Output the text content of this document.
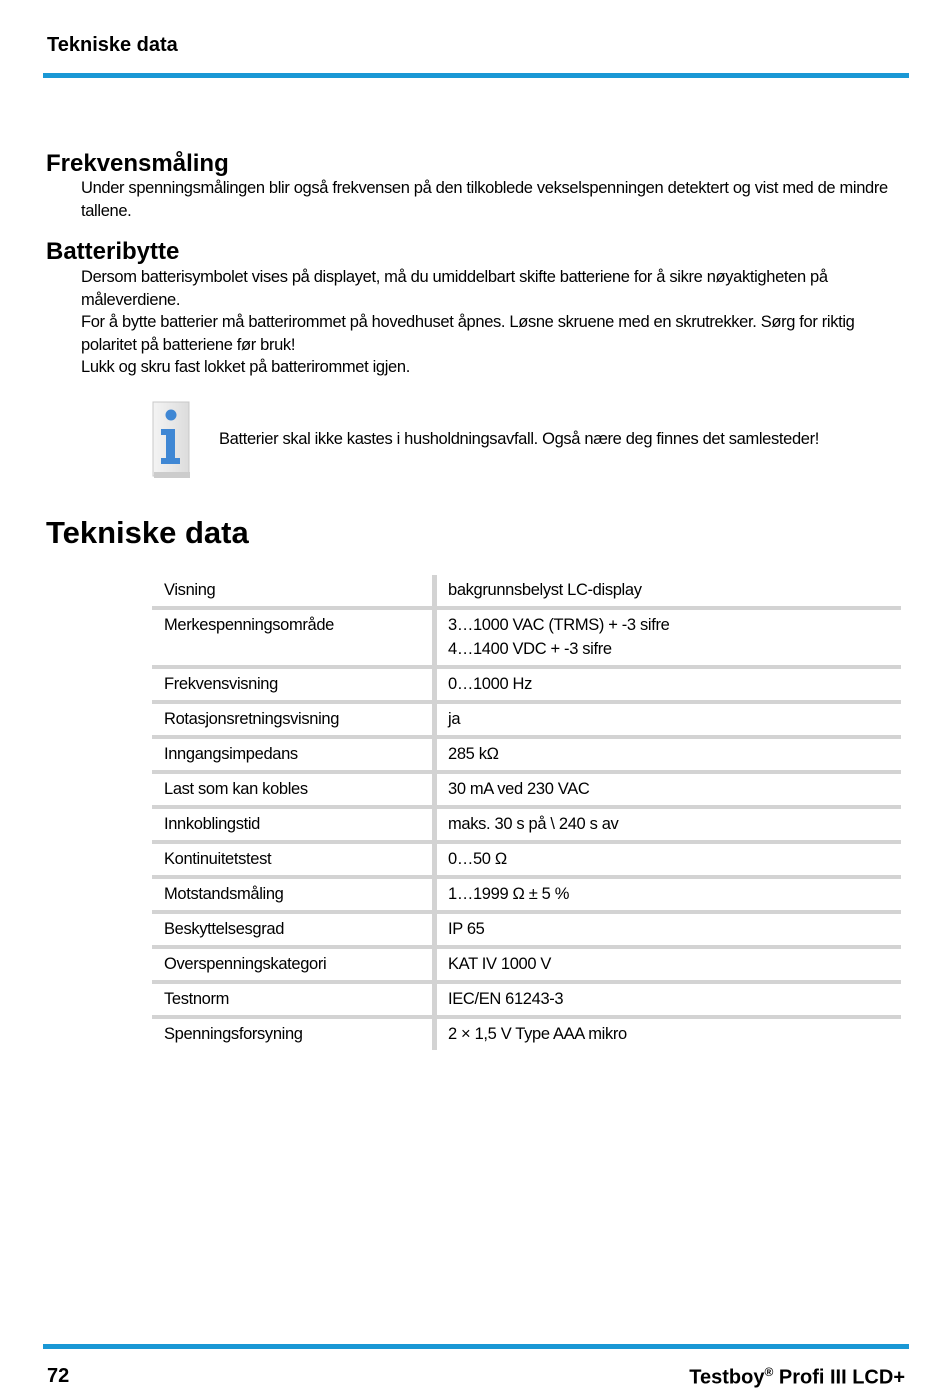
Tekniske data
Frekvensmåling

Under spenningsmålingen blir også frekvensen på den tilkoblede vekselspenningen detektert og vist med de mindre tallene.

Batteribytte

Dersom batterisymbolet vises på displayet, må du umiddelbart skifte batteriene for å sikre nøyaktigheten på måleverdiene.

For å bytte batterier må batterirommet på hovedhuset åpnes. Løsne skruene med en skrutrekker. Sørg for riktig polaritet på batteriene før bruk!

Lukk og skru fast lokket på batterirommet igjen.

Batterier skal ikke kastes i husholdningsavfall. Også nære deg finnes det samlesteder!
Tekniske data
Visning	bakgrunnsbelyst LC-display
Merkespenningsområde	3…1000 VAC (TRMS) + -3 sifre
4…1400 VDC + -3 sifre

Frekvensvisning	0…1000 Hz
Rotasjonsretningsvisning	ja
Inngangsimpedans	285 kΩ
Last som kan kobles	30 mA ved 230 VAC
Innkoblingstid	maks. 30 s på \ 240 s av
Kontinuitetstest	0…50 Ω
Motstandsmåling	1…1999 Ω ± 5 %
Beskyttelsesgrad	IP 65
Overspenningskategori	KAT IV 1000 V
Testnorm	IEC/EN 61243-3
Spenningsforsyning	2 × 1,5 V Type AAA mikro
72	Testboy® Profi III LCD+
